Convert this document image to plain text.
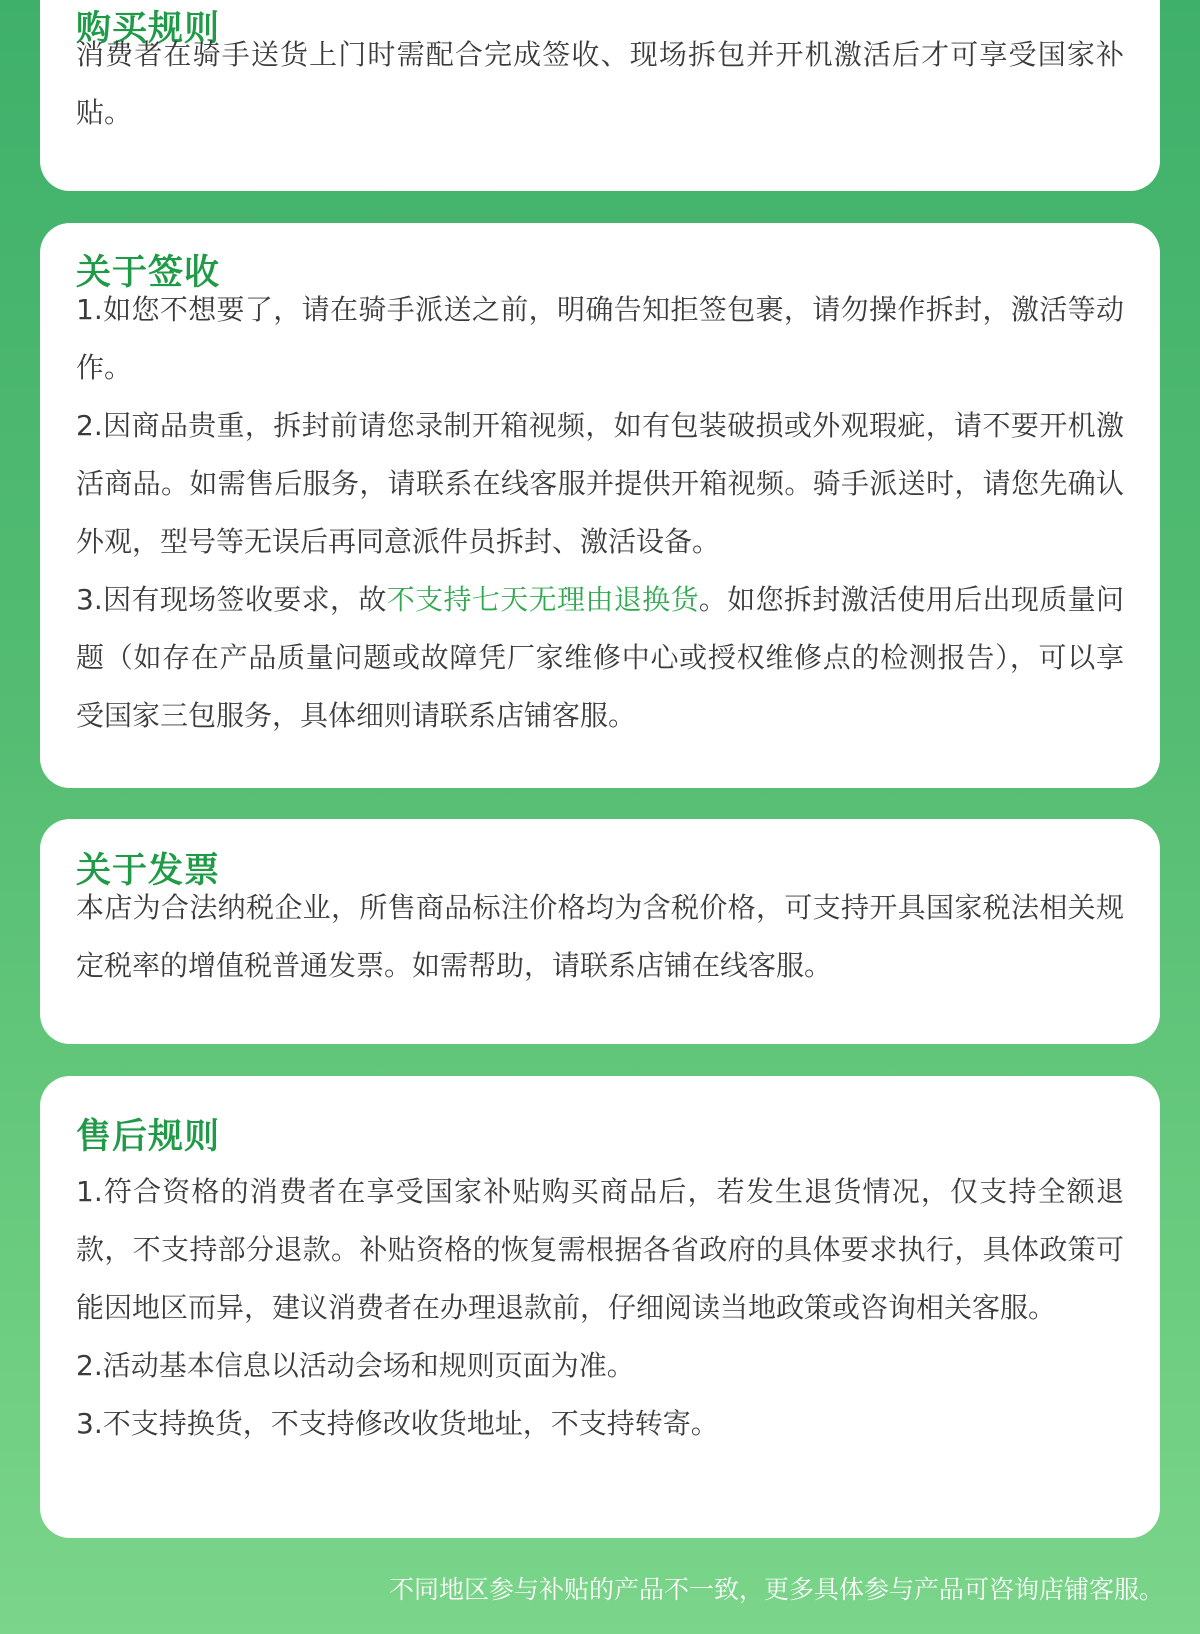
购买规则

消费者在骑手送货上门时需配合完成签收、现场拆包并开机激活后才可享受国家补贴。

关于签收

1.如您不想要了，请在骑手派送之前，明确告知拒签包裹，请勿操作拆封，激活等动作。

2.因商品贵重，拆封前请您录制开箱视频，如有包装破损或外观瑕疵，请不要开机激活商品。如需售后服务，请联系在线客服并提供开箱视频。骑手派送时，请您先确认外观，型号等无误后再同意派件员拆封、激活设备。

3.因有现场签收要求，故不支持七天无理由退换货。如您拆封激活使用后出现质量问题（如存在产品质量问题或故障凭厂家维修中心或授权维修点的检测报告），可以享受国家三包服务，具体细则请联系店铺客服。

关于发票

本店为合法纳税企业，所售商品标注价格均为含税价格，可支持开具国家税法相关规定税率的增值税普通发票。如需帮助，请联系店铺在线客服。

售后规则

1.符合资格的消费者在享受国家补贴购买商品后，若发生退货情况，仅支持全额退款，不支持部分退款。补贴资格的恢复需根据各省政府的具体要求执行，具体政策可能因地区而异，建议消费者在办理退款前，仔细阅读当地政策或咨询相关客服。

2.活动基本信息以活动会场和规则页面为准。

3.不支持换货，不支持修改收货地址，不支持转寄。

不同地区参与补贴的产品不一致，更多具体参与产品可咨询店铺客服。
